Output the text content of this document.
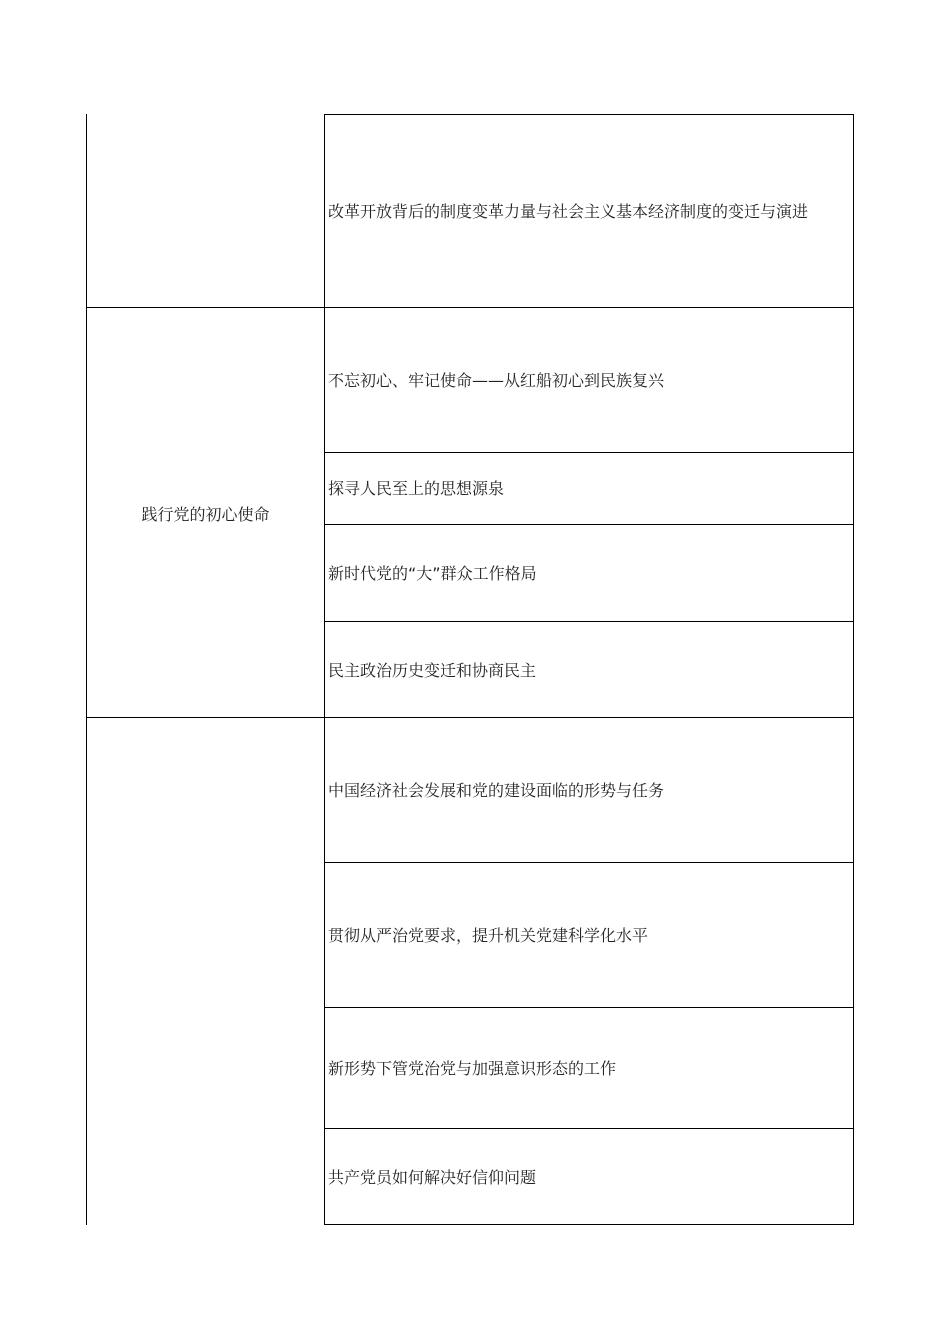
改革开放背后的制度变革力量与社会主义基本经济制度的变迁与演进
践行党的初心使命
不忘初心、牢记使命——从红船初心到民族复兴
探寻人民至上的思想源泉
新时代党的“大”群众工作格局
民主政治历史变迁和协商民主
中国经济社会发展和党的建设面临的形势与任务
贯彻从严治党要求，提升机关党建科学化水平
新形势下管党治党与加强意识形态的工作
共产党员如何解决好信仰问题
